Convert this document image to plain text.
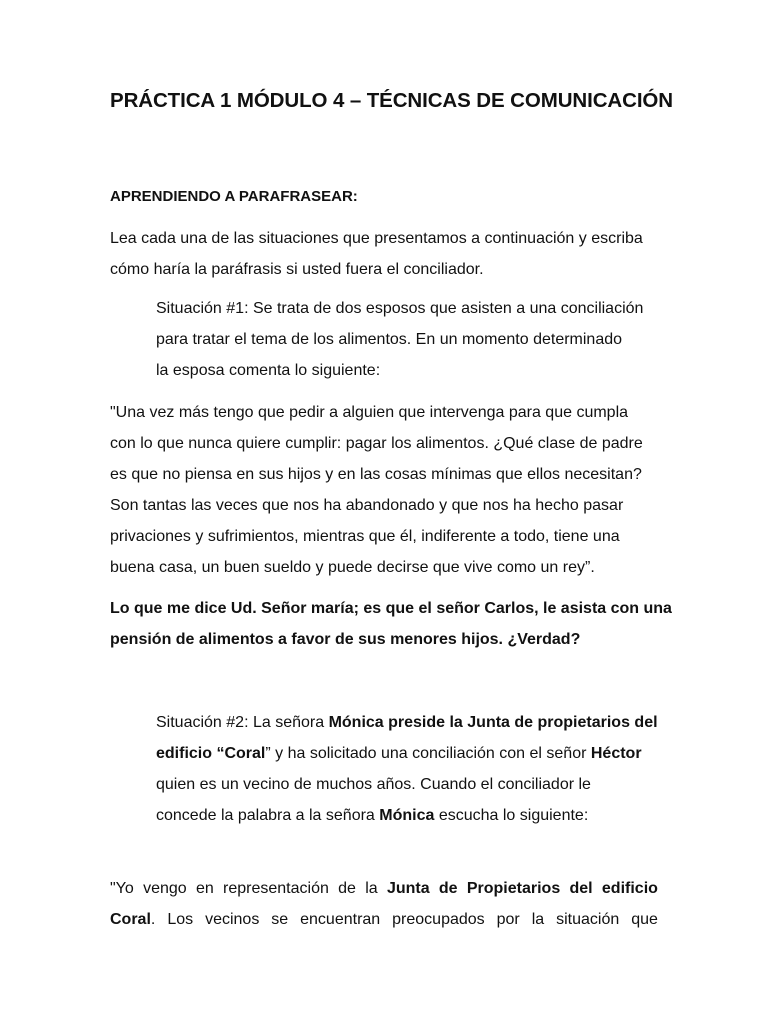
PRÁCTICA 1 MÓDULO 4 – TÉCNICAS DE COMUNICACIÓN
APRENDIENDO A PARAFRASEAR:
Lea cada una de las situaciones que presentamos a continuación y escriba
cómo haría la paráfrasis si usted fuera el conciliador.
Situación #1: Se trata de dos esposos que asisten a una conciliación
para tratar el tema de los alimentos. En un momento determinado
la esposa comenta lo siguiente:
"Una vez más tengo que pedir a alguien que intervenga para que cumpla
con lo que nunca quiere cumplir: pagar los alimentos. ¿Qué clase de padre
es que no piensa en sus hijos y en las cosas mínimas que ellos necesitan?
Son tantas las veces que nos ha abandonado y que nos ha hecho pasar
privaciones y sufrimientos, mientras que él, indiferente a todo, tiene una
buena casa, un buen sueldo y puede decirse que vive como un rey”.
Lo que me dice Ud. Señor maría; es que el señor Carlos, le asista con una
pensión de alimentos a favor de sus menores hijos. ¿Verdad?
Situación #2: La señora Mónica preside la Junta de propietarios del
edificio “Coral” y ha solicitado una conciliación con el señor Héctor
quien es un vecino de muchos años. Cuando el conciliador le
concede la palabra a la señora Mónica escucha lo siguiente:
"Yo vengo en representación de la Junta de Propietarios del edificio
Coral. Los vecinos se encuentran preocupados por la situación que
